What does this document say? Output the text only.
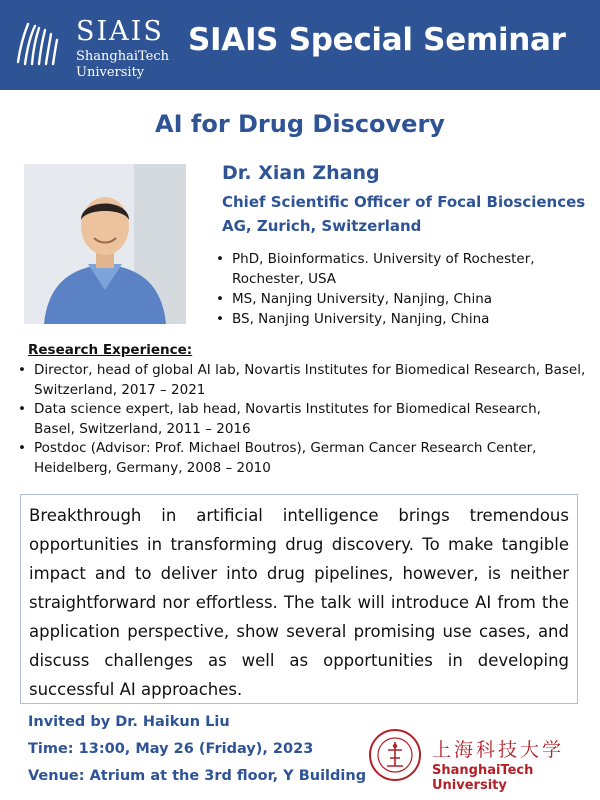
SIAIS
ShanghaiTech
University
SIAIS Special Seminar
AI for Drug Discovery
Dr. Xian Zhang
Chief Scientific Officer of Focal Biosciences AG, Zurich, Switzerland
• PhD, Bioinformatics. University of Rochester, Rochester, USA
• MS, Nanjing University, Nanjing, China
• BS, Nanjing University, Nanjing, China
Research Experience:
• Director, head of global AI lab, Novartis Institutes for Biomedical Research, Basel, Switzerland, 2017 – 2021
• Data science expert, lab head, Novartis Institutes for Biomedical Research, Basel, Switzerland, 2011 – 2016
• Postdoc (Advisor: Prof. Michael Boutros), German Cancer Research Center, Heidelberg, Germany, 2008 – 2010
Breakthrough in artificial intelligence brings tremendous opportunities in transforming drug discovery. To make tangible impact and to deliver into drug pipelines, however, is neither straightforward nor effortless. The talk will introduce AI from the application perspective, show several promising use cases, and discuss challenges as well as opportunities in developing successful AI approaches.
Invited by Dr. Haikun Liu
Time: 13:00, May 26 (Friday), 2023
Venue: Atrium at the 3rd floor, Y Building
上海科技大学
ShanghaiTech University
